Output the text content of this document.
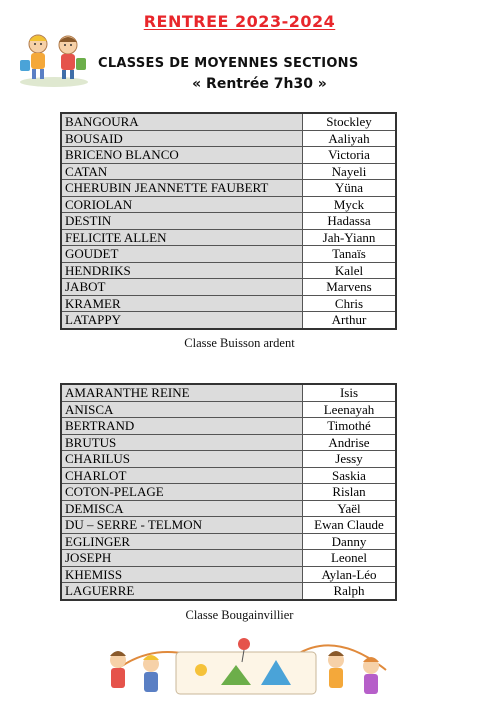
RENTREE 2023-2024
CLASSES DE MOYENNES SECTIONS
« Rentrée 7h30 »
BANGOURA	Stockley
BOUSAID	Aaliyah
BRICENO BLANCO	Victoria
CATAN	Nayeli
CHERUBIN JEANNETTE FAUBERT	Yüna
CORIOLAN	Myck
DESTIN	Hadassa
FELICITE ALLEN	Jah-Yiann
GOUDET	Tanaïs
HENDRIKS	Kalel
JABOT	Marvens
KRAMER	Chris
LATAPPY	Arthur
Classe Buisson ardent
AMARANTHE REINE	Isis
ANISCA	Leenayah
BERTRAND	Timothé
BRUTUS	Andrise
CHARILUS	Jessy
CHARLOT	Saskia
COTON-PELAGE	Rislan
DEMISCA	Yaël
DU – SERRE - TELMON	Ewan Claude
EGLINGER	Danny
JOSEPH	Leonel
KHEMISS	Aylan-Léo
LAGUERRE	Ralph
Classe Bougainvillier
